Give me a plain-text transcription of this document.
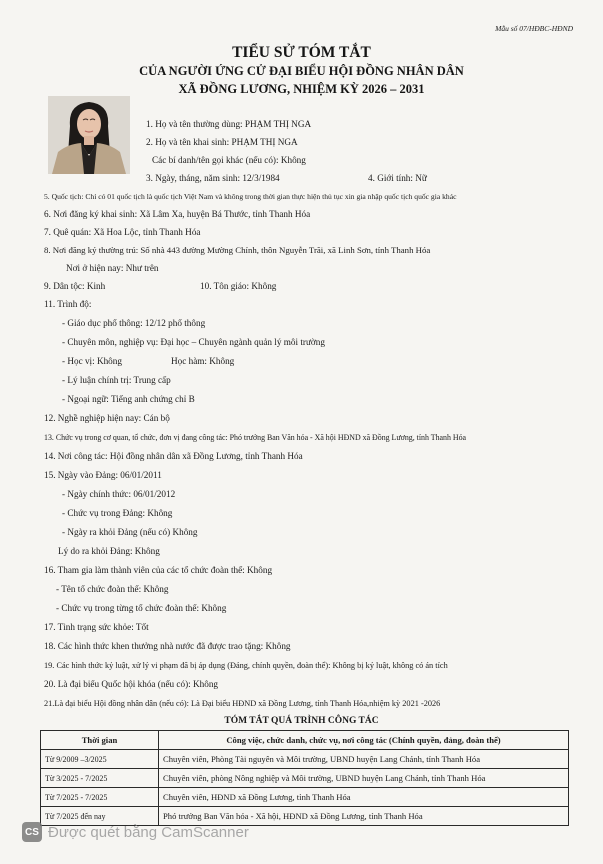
Mẫu số 07/HĐBC-HĐND
TIỂU SỬ TÓM TẮT
CỦA NGƯỜI ỨNG CỬ ĐẠI BIỂU HỘI ĐỒNG NHÂN DÂN
XÃ ĐỒNG LƯƠNG, NHIỆM KỲ 2026 – 2031
1. Họ và tên thường dùng: PHẠM THỊ NGA
2. Họ và tên khai sinh: PHẠM THỊ NGA
Các bí danh/tên gọi khác (nếu có): Không
3. Ngày, tháng, năm sinh: 12/3/1984	4. Giới tính: Nữ
5. Quốc tịch: Chỉ có 01 quốc tịch là quốc tịch Việt Nam và không trong thời gian thực hiện thủ tục xin gia nhập quốc tịch quốc gia khác
6. Nơi đăng ký khai sinh: Xã Lâm Xa, huyện Bá Thước, tỉnh Thanh Hóa
7. Quê quán: Xã Hoa Lộc, tỉnh Thanh Hóa
8. Nơi đăng ký thường trú: Số nhà 443 đường Mường Chính, thôn Nguyễn Trãi, xã Linh Sơn, tỉnh Thanh Hóa
Nơi ở hiện nay: Như trên
9. Dân tộc: Kinh	10. Tôn giáo: Không
11. Trình độ:
- Giáo dục phổ thông: 12/12 phổ thông
- Chuyên môn, nghiệp vụ: Đại học – Chuyên ngành quản lý môi trường
- Học vị: Không	Học hàm: Không
- Lý luận chính trị: Trung cấp
- Ngoại ngữ: Tiếng anh chứng chỉ B
12. Nghề nghiệp hiện nay: Cán bộ
13. Chức vụ trong cơ quan, tổ chức, đơn vị đang công tác: Phó trưởng Ban Văn hóa - Xã hội HĐND xã Đồng Lương, tỉnh Thanh Hóa
14. Nơi công tác: Hội đồng nhân dân xã Đồng Lương, tỉnh Thanh Hóa
15. Ngày vào Đảng: 06/01/2011
- Ngày chính thức: 06/01/2012
- Chức vụ trong Đảng: Không
- Ngày ra khỏi Đảng (nếu có) Không
Lý do ra khỏi Đảng: Không
16. Tham gia làm thành viên của các tổ chức đoàn thể: Không
- Tên tổ chức đoàn thể: Không
- Chức vụ trong từng tổ chức đoàn thể: Không
17. Tình trạng sức khỏe: Tốt
18. Các hình thức khen thưởng nhà nước đã được trao tặng: Không
19. Các hình thức kỷ luật, xử lý vi phạm đã bị áp dụng (Đảng, chính quyền, đoàn thể): Không bị kỷ luật, không có án tích
20. Là đại biểu Quốc hội khóa (nếu có): Không
21.Là đại biểu Hội đồng nhân dân (nếu có): Là Đại biểu HĐND xã Đồng Lương, tỉnh Thanh Hóa,nhiệm kỳ 2021 -2026
TÓM TẮT QUÁ TRÌNH CÔNG TÁC
Thời gian	Công việc, chức danh, chức vụ, nơi công tác (Chính quyền, đảng, đoàn thể)
Từ 9/2009 –3/2025	Chuyên viên, Phòng Tài nguyên và Môi trường, UBND huyện Lang Chánh, tỉnh Thanh Hóa
Từ 3/2025 - 7/2025	Chuyên viên, phòng Nông nghiệp và Môi trường, UBND huyện Lang Chánh, tỉnh Thanh Hóa
Từ 7/2025 - 7/2025	Chuyên viên, HĐND xã Đồng Lương, tỉnh Thanh Hóa
Từ 7/2025 đến nay	Phó trưởng Ban Văn hóa - Xã hội, HĐND xã Đồng Lương, tỉnh Thanh Hóa
CS Được quét bằng CamScanner
